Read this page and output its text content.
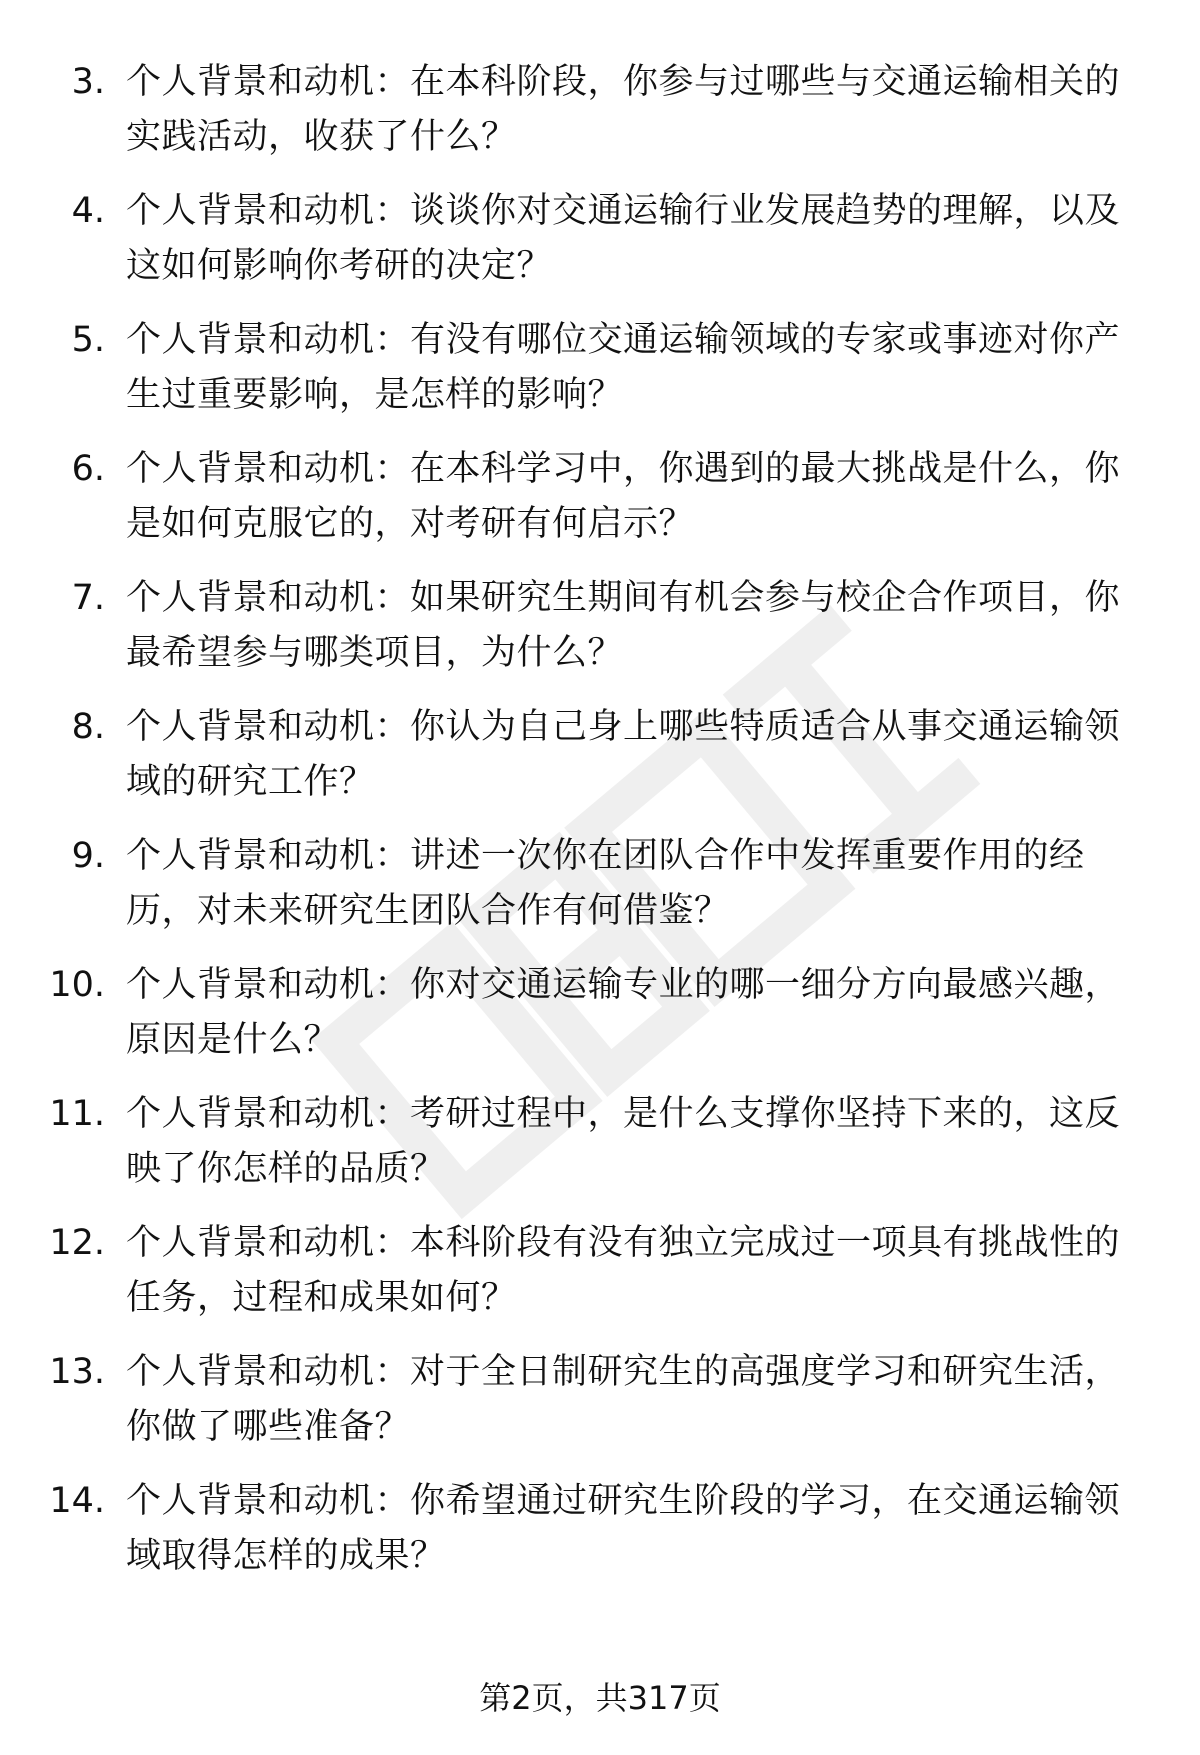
3. 个人背景和动机：在本科阶段，你参与过哪些与交通运输相关的实践活动，收获了什么？
4. 个人背景和动机：谈谈你对交通运输行业发展趋势的理解，以及这如何影响你考研的决定？
5. 个人背景和动机：有没有哪位交通运输领域的专家或事迹对你产生过重要影响，是怎样的影响？
6. 个人背景和动机：在本科学习中，你遇到的最大挑战是什么，你是如何克服它的，对考研有何启示？
7. 个人背景和动机：如果研究生期间有机会参与校企合作项目，你最希望参与哪类项目，为什么？
8. 个人背景和动机：你认为自己身上哪些特质适合从事交通运输领域的研究工作？
9. 个人背景和动机：讲述一次你在团队合作中发挥重要作用的经历，对未来研究生团队合作有何借鉴？
10. 个人背景和动机：你对交通运输专业的哪一细分方向最感兴趣，原因是什么？
11. 个人背景和动机：考研过程中，是什么支撑你坚持下来的，这反映了你怎样的品质？
12. 个人背景和动机：本科阶段有没有独立完成过一项具有挑战性的任务，过程和成果如何？
13. 个人背景和动机：对于全日制研究生的高强度学习和研究生活，你做了哪些准备？
14. 个人背景和动机：你希望通过研究生阶段的学习，在交通运输领域取得怎样的成果？
第2页，共317页
